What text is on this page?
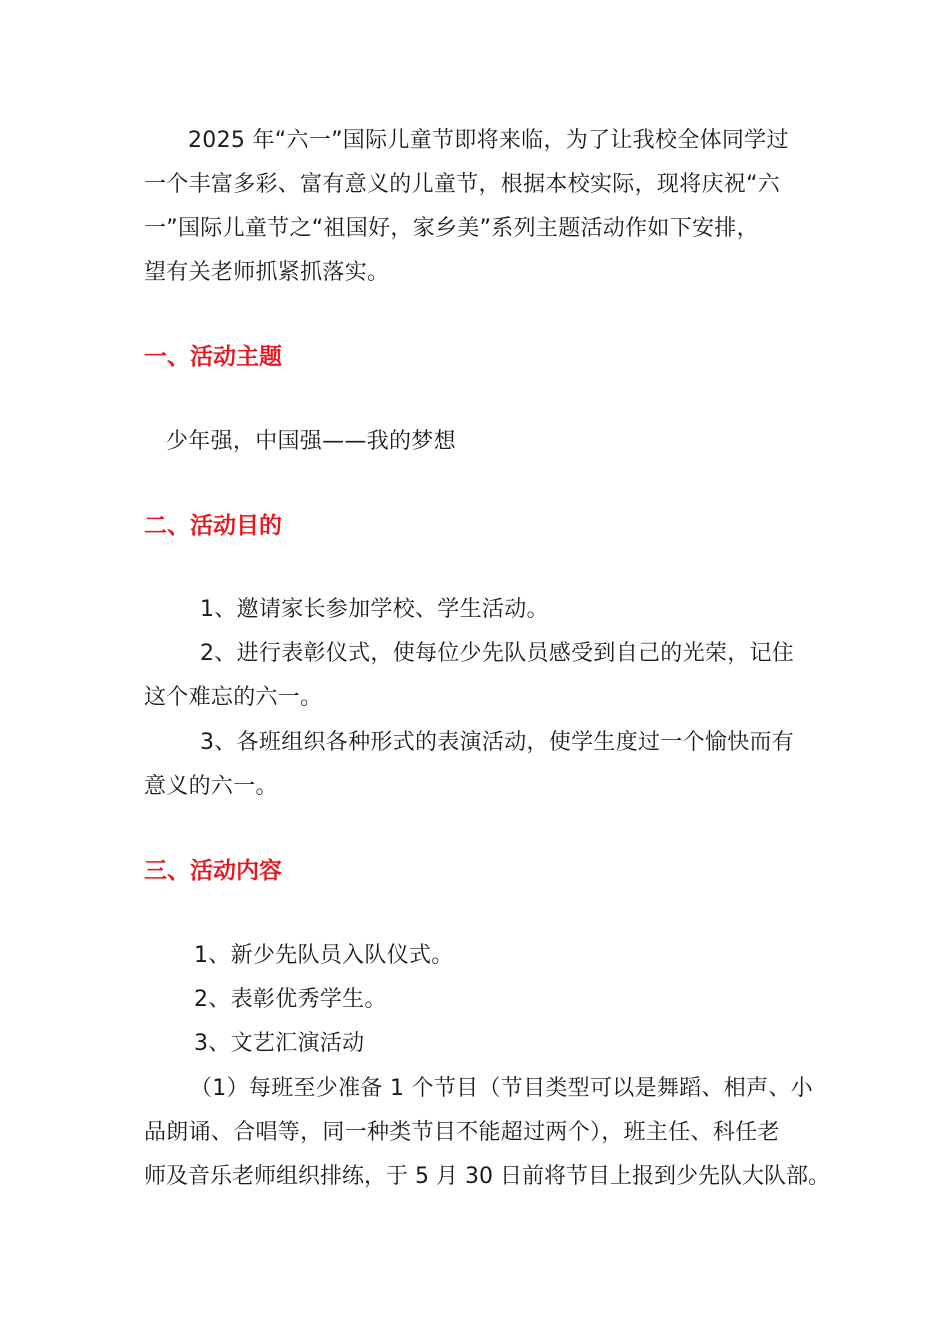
2025 年“六一”国际儿童节即将来临，为了让我校全体同学过
一个丰富多彩、富有意义的儿童节，根据本校实际，现将庆祝“六
一”国际儿童节之“祖国好，家乡美”系列主题活动作如下安排，
望有关老师抓紧抓落实。
一、活动主题
少年强，中国强——我的梦想
二、活动目的
1、邀请家长参加学校、学生活动。
2、进行表彰仪式，使每位少先队员感受到自己的光荣，记住
这个难忘的六一。
3、各班组织各种形式的表演活动，使学生度过一个愉快而有
意义的六一。
三、活动内容
1、新少先队员入队仪式。
2、表彰优秀学生。
3、文艺汇演活动
（1）每班至少准备 1 个节目（节目类型可以是舞蹈、相声、小
品朗诵、合唱等，同一种类节目不能超过两个），班主任、科任老
师及音乐老师组织排练，于 5 月 30 日前将节目上报到少先队大队部。
